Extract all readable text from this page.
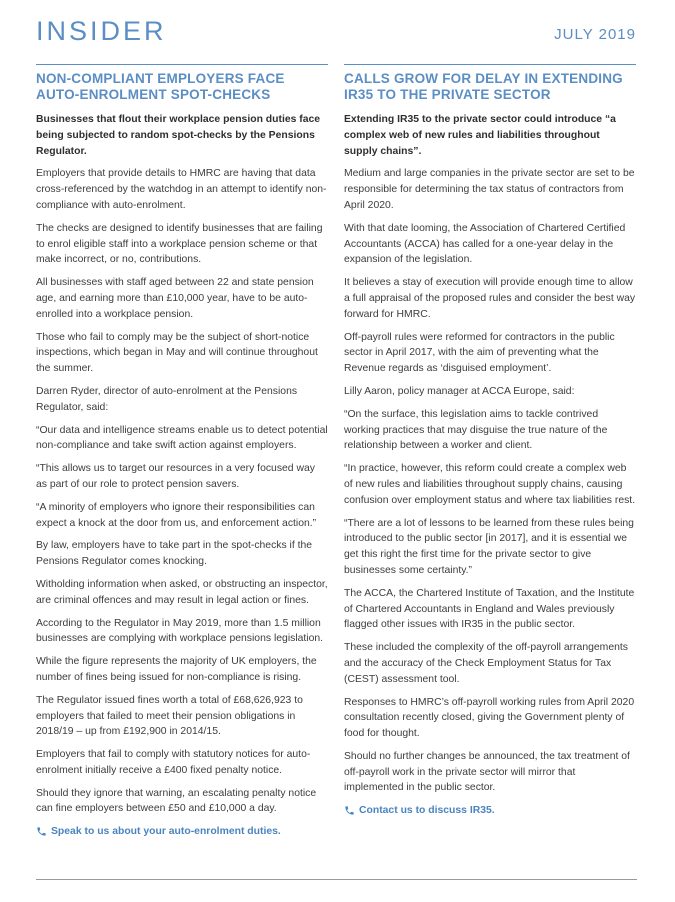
INSIDER	JULY 2019
NON-COMPLIANT EMPLOYERS FACE
AUTO-ENROLMENT SPOT-CHECKS

Businesses that flout their workplace pension duties face being subjected to random spot-checks by the Pensions Regulator.

Employers that provide details to HMRC are having that data cross-referenced by the watchdog in an attempt to identify non-compliance with auto-enrolment.

The checks are designed to identify businesses that are failing to enrol eligible staff into a workplace pension scheme or that make incorrect, or no, contributions.

All businesses with staff aged between 22 and state pension age, and earning more than £10,000 year, have to be auto-enrolled into a workplace pension.

Those who fail to comply may be the subject of short-notice inspections, which began in May and will continue throughout the summer.

Darren Ryder, director of auto-enrolment at the Pensions Regulator, said:

“Our data and intelligence streams enable us to detect potential non-compliance and take swift action against employers.

“This allows us to target our resources in a very focused way as part of our role to protect pension savers.

“A minority of employers who ignore their responsibilities can expect a knock at the door from us, and enforcement action.”

By law, employers have to take part in the spot-checks if the Pensions Regulator comes knocking.

Witholding information when asked, or obstructing an inspector, are criminal offences and may result in legal action or fines.

According to the Regulator in May 2019, more than 1.5 million businesses are complying with workplace pensions legislation.

While the figure represents the majority of UK employers, the number of fines being issued for non-compliance is rising.

The Regulator issued fines worth a total of £68,626,923 to employers that failed to meet their pension obligations in 2018/19 – up from £192,900 in 2014/15.

Employers that fail to comply with statutory notices for auto-enrolment initially receive a £400 fixed penalty notice.

Should they ignore that warning, an escalating penalty notice can fine employers between £50 and £10,000 a day.

Speak to us about your auto-enrolment duties.
CALLS GROW FOR DELAY IN EXTENDING
IR35 TO THE PRIVATE SECTOR

Extending IR35 to the private sector could introduce “a complex web of new rules and liabilities throughout supply chains”.

Medium and large companies in the private sector are set to be responsible for determining the tax status of contractors from April 2020.

With that date looming, the Association of Chartered Certified Accountants (ACCA) has called for a one-year delay in the expansion of the legislation.

It believes a stay of execution will provide enough time to allow a full appraisal of the proposed rules and consider the best way forward for HMRC.

Off-payroll rules were reformed for contractors in the public sector in April 2017, with the aim of preventing what the Revenue regards as ‘disguised employment’.

Lilly Aaron, policy manager at ACCA Europe, said:

“On the surface, this legislation aims to tackle contrived working practices that may disguise the true nature of the relationship between a worker and client.

“In practice, however, this reform could create a complex web of new rules and liabilities throughout supply chains, causing confusion over employment status and where tax liabilities rest.

“There are a lot of lessons to be learned from these rules being introduced to the public sector [in 2017], and it is essential we get this right the first time for the private sector to give businesses some certainty.”

The ACCA, the Chartered Institute of Taxation, and the Institute of Chartered Accountants in England and Wales previously flagged other issues with IR35 in the public sector.

These included the complexity of the off-payroll arrangements and the accuracy of the Check Employment Status for Tax (CEST) assessment tool.

Responses to HMRC’s off-payroll working rules from April 2020 consultation recently closed, giving the Government plenty of food for thought.

Should no further changes be announced, the tax treatment of off-payroll work in the private sector will mirror that implemented in the public sector.

Contact us to discuss IR35.
